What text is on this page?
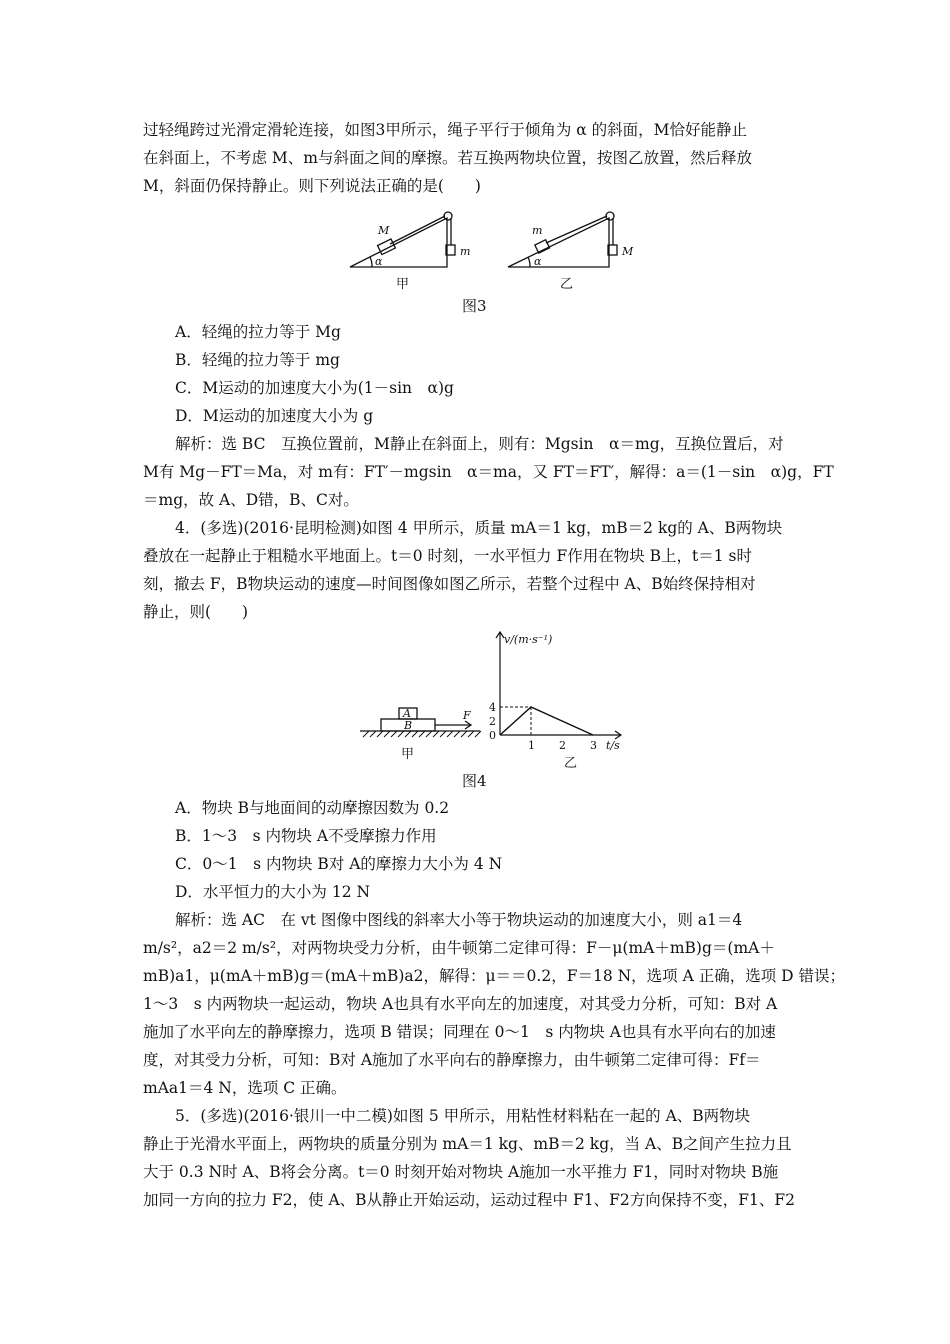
过轻绳跨过光滑定滑轮连接，如图3甲所示，绳子平行于倾角为 α 的斜面，M恰好能静止
在斜面上，不考虑 M、m与斜面之间的摩擦。若互换两物块位置，按图乙放置，然后释放
M，斜面仍保持静止。则下列说法正确的是(　　)
M
m
α
甲
m
M
α
乙
图3
A．轻绳的拉力等于 Mg
B．轻绳的拉力等于 mg
C．M运动的加速度大小为(1－sin　α)g
D．M运动的加速度大小为 g
解析：选 BC　互换位置前，M静止在斜面上，则有：Mgsin　α＝mg，互换位置后，对
M有 Mg－FT＝Ma，对 m有：FT′－mgsin　α＝ma，又 FT＝FT′，解得：a＝(1－sin　α)g，FT
＝mg，故 A、D错，B、C对。
4．(多选)(2016·昆明检测)如图 4 甲所示，质量 mA＝1 kg，mB＝2 kg的 A、B两物块
叠放在一起静止于粗糙水平地面上。t＝0 时刻，一水平恒力 F作用在物块 B上，t＝1 s时
刻，撤去 F，B物块运动的速度—时间图像如图乙所示，若整个过程中 A、B始终保持相对
静止，则(　　)
A
B
F
甲
v/(m·s⁻¹)
t/s
0
1 2 3
2
4
乙
图4
A．物块 B与地面间的动摩擦因数为 0.2
B．1～3　s 内物块 A不受摩擦力作用
C．0～1　s 内物块 B对 A的摩擦力大小为 4 N
D．水平恒力的大小为 12 N
解析：选 AC　在 vt 图像中图线的斜率大小等于物块运动的加速度大小，则 a1＝4
m/s²，a2＝2 m/s²，对两物块受力分析，由牛顿第二定律可得：F－μ(mA＋mB)g＝(mA＋
mB)a1，μ(mA＋mB)g＝(mA＋mB)a2，解得：μ＝＝0.2，F＝18 N，选项 A 正确，选项 D 错误；
1～3　s 内两物块一起运动，物块 A也具有水平向左的加速度，对其受力分析，可知：B对 A
施加了水平向左的静摩擦力，选项 B 错误；同理在 0～1　s 内物块 A也具有水平向右的加速
度，对其受力分析，可知：B对 A施加了水平向右的静摩擦力，由牛顿第二定律可得：Ff＝
mAa1＝4 N，选项 C 正确。
5．(多选)(2016·银川一中二模)如图 5 甲所示，用粘性材料粘在一起的 A、B两物块
静止于光滑水平面上，两物块的质量分别为 mA＝1 kg、mB＝2 kg，当 A、B之间产生拉力且
大于 0.3 N时 A、B将会分离。t＝0 时刻开始对物块 A施加一水平推力 F1，同时对物块 B施
加同一方向的拉力 F2，使 A、B从静止开始运动，运动过程中 F1、F2方向保持不变，F1、F2
